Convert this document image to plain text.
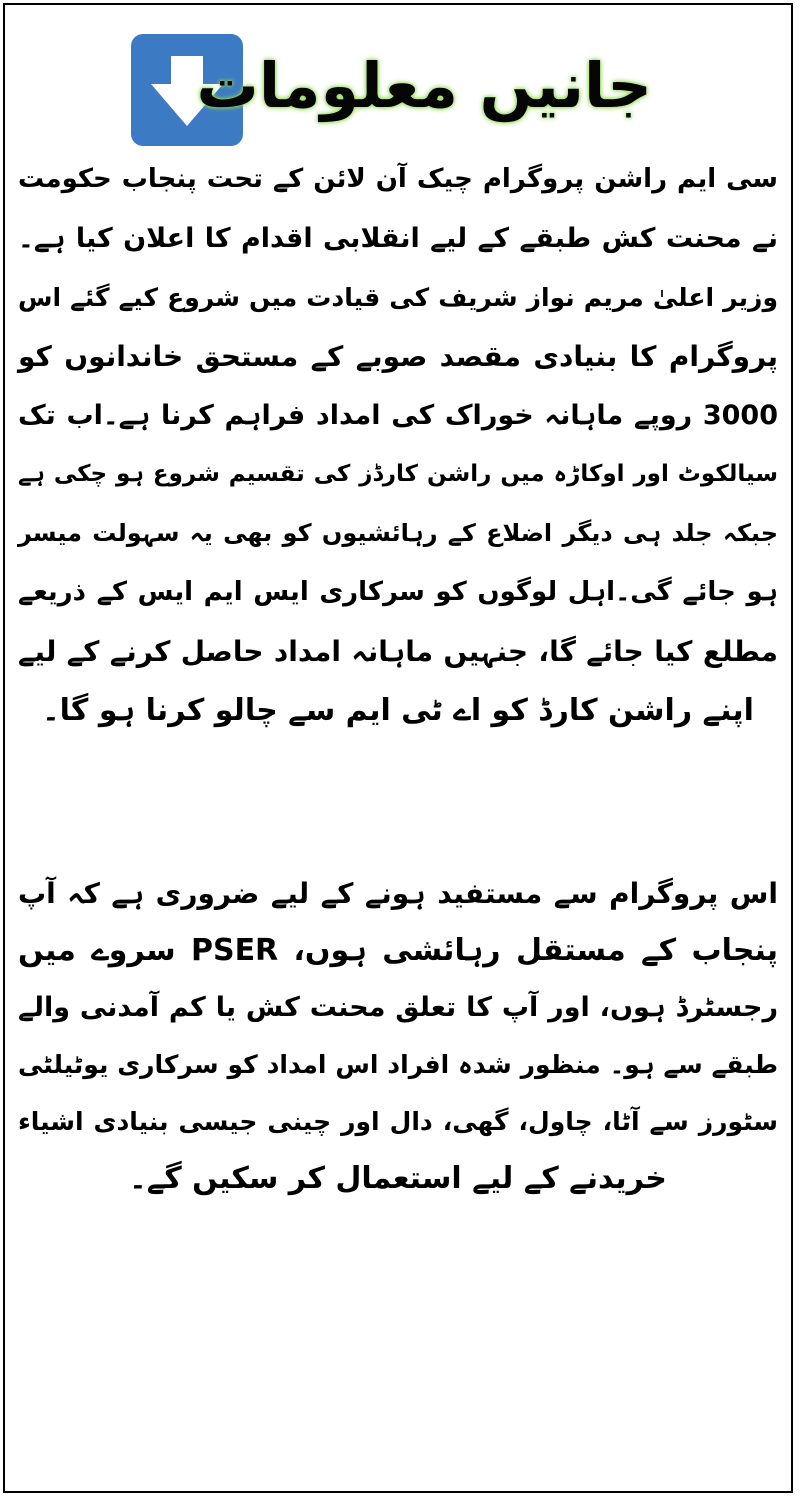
جانیں معلومات
سی ایم راشن پروگرام چیک آن لائن کے تحت پنجاب حکومت
نے محنت کش طبقے کے لیے انقلابی اقدام کا اعلان کیا ہے۔
وزیر اعلیٰ مریم نواز شریف کی قیادت میں شروع کیے گئے اس
پروگرام کا بنیادی مقصد صوبے کے مستحق خاندانوں کو
3000 روپے ماہانہ خوراک کی امداد فراہم کرنا ہے۔اب تک
سیالکوٹ اور اوکاڑہ میں راشن کارڈز کی تقسیم شروع ہو چکی ہے
جبکہ جلد ہی دیگر اضلاع کے رہائشیوں کو بھی یہ سہولت میسر
ہو جائے گی۔اہل لوگوں کو سرکاری ایس ایم ایس کے ذریعے
مطلع کیا جائے گا، جنہیں ماہانہ امداد حاصل کرنے کے لیے
اپنے راشن کارڈ کو اے ٹی ایم سے چالو کرنا ہو گا۔
اس پروگرام سے مستفید ہونے کے لیے ضروری ہے کہ آپ
پنجاب کے مستقل رہائشی ہوں، PSER سروے میں
رجسٹرڈ ہوں، اور آپ کا تعلق محنت کش یا کم آمدنی والے
طبقے سے ہو۔ منظور شدہ افراد اس امداد کو سرکاری یوٹیلٹی
سٹورز سے آٹا، چاول، گھی، دال اور چینی جیسی بنیادی اشیاء
خریدنے کے لیے استعمال کر سکیں گے۔
